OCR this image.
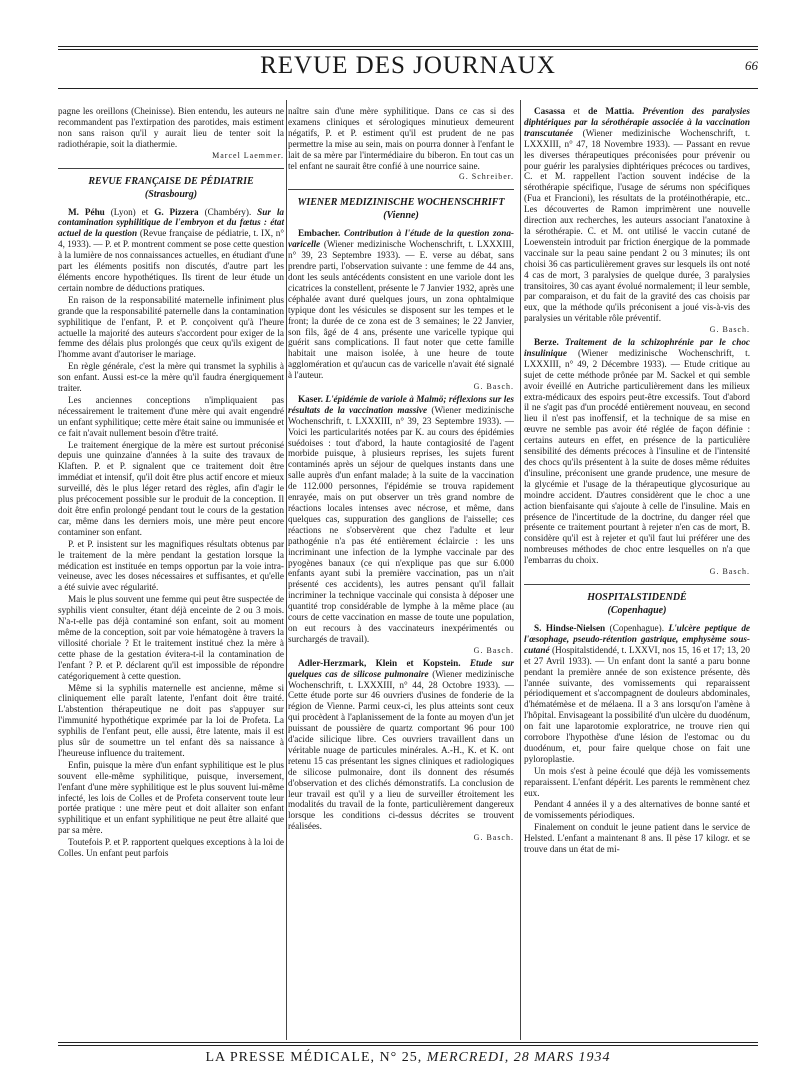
REVUE DES JOURNAUX	66

pagne les oreillons (Cheinisse). Bien entendu, les auteurs ne recommandent pas l'extirpation des parotides, mais estiment non sans raison qu'il y aurait lieu de tenter soit la radiothérapie, soit la diathermie.

Marcel Laemmer.

REVUE FRANÇAISE DE PÉDIATRIE
(Strasbourg)

M. Péhu (Lyon) et G. Pizzera (Chambéry). Sur la contamination syphilitique de l'embryon et du fœtus : état actuel de la question (Revue française de pédiatrie, t. IX, n° 4, 1933). — P. et P. montrent comment se pose cette question à la lumière de nos connaissances actuelles, en étudiant d'une part les éléments positifs non discutés, d'autre part les éléments encore hypothétiques. Ils tirent de leur étude un certain nombre de déductions pratiques.

En raison de la responsabilité maternelle infiniment plus grande que la responsabilité paternelle dans la contamination syphilitique de l'enfant, P. et P. conçoivent qu'à l'heure actuelle la majorité des auteurs s'accordent pour exiger de la femme des délais plus prolongés que ceux qu'ils exigent de l'homme avant d'autoriser le mariage.

En règle générale, c'est la mère qui transmet la syphilis à son enfant. Aussi est-ce la mère qu'il faudra énergiquement traiter.

Les anciennes conceptions n'impliquaient pas nécessairement le traitement d'une mère qui avait engendré un enfant syphilitique; cette mère était saine ou immunisée et ce fait n'avait nullement besoin d'être traité.

Le traitement énergique de la mère est surtout préconisé depuis une quinzaine d'années à la suite des travaux de Klaften. P. et P. signalent que ce traitement doit être immédiat et intensif, qu'il doit être plus actif encore et mieux surveillé, dès le plus léger retard des règles, afin d'agir le plus précocement possible sur le produit de la conception. Il doit être enfin prolongé pendant tout le cours de la gestation car, même dans les derniers mois, une mère peut encore contaminer son enfant.

P. et P. insistent sur les magnifiques résultats obtenus par le traitement de la mère pendant la gestation lorsque la médication est instituée en temps opportun par la voie intra-veineuse, avec les doses nécessaires et suffisantes, et qu'elle a été suivie avec régularité.

Mais le plus souvent une femme qui peut être suspectée de syphilis vient consulter, étant déjà enceinte de 2 ou 3 mois. N'a-t-elle pas déjà contaminé son enfant, soit au moment même de la conception, soit par voie hématogène à travers la villosité choriale ? Et le traitement institué chez la mère à cette phase de la gestation évitera-t-il la contamination de l'enfant ? P. et P. déclarent qu'il est impossible de répondre catégoriquement à cette question.

Même si la syphilis maternelle est ancienne, même si cliniquement elle paraît latente, l'enfant doit être traité. L'abstention thérapeutique ne doit pas s'appuyer sur l'immunité hypothétique exprimée par la loi de Profeta. La syphilis de l'enfant peut, elle aussi, être latente, mais il est plus sûr de soumettre un tel enfant dès sa naissance à l'heureuse influence du traitement.

Enfin, puisque la mère d'un enfant syphilitique est le plus souvent elle-même syphilitique, puisque, inversement, l'enfant d'une mère syphilitique est le plus souvent lui-même infecté, les lois de Colles et de Profeta conservent toute leur portée pratique : une mère peut et doit allaiter son enfant syphilitique et un enfant syphilitique ne peut être allaité que par sa mère.

Toutefois P. et P. rapportent quelques exceptions à la loi de Colles. Un enfant peut parfois

naître sain d'une mère syphilitique. Dans ce cas si des examens cliniques et sérologiques minutieux demeurent négatifs, P. et P. estiment qu'il est prudent de ne pas permettre la mise au sein, mais on pourra donner à l'enfant le lait de sa mère par l'intermédiaire du biberon. En tout cas un tel enfant ne saurait être confié à une nourrice saine.

G. Schreiber.

WIENER MEDIZINISCHE WOCHENSCHRIFT
(Vienne)

Embacher. Contribution à l'étude de la question zona-varicelle (Wiener medizinische Wochenschrift, t. LXXXIII, n° 39, 23 Septembre 1933). — E. verse au débat, sans prendre parti, l'observation suivante : une femme de 44 ans, dont les seuls antécédents consistent en une variole dont les cicatrices la constellent, présente le 7 Janvier 1932, après une céphalée avant duré quelques jours, un zona ophtalmique typique dont les vésicules se disposent sur les tempes et le front; la durée de ce zona est de 3 semaines; le 22 Janvier, son fils, âgé de 4 ans, présente une varicelle typique qui guérit sans complications. Il faut noter que cette famille habitait une maison isolée, à une heure de toute agglomération et qu'aucun cas de varicelle n'avait été signalé à l'auteur.

G. Basch.

Kaser. L'épidémie de variole à Malmö; réflexions sur les résultats de la vaccination massive (Wiener medizinische Wochenschrift, t. LXXXIII, n° 39, 23 Septembre 1933). — Voici les particularités notées par K. au cours des épidémies suédoises : tout d'abord, la haute contagiosité de l'agent morbide puisque, à plusieurs reprises, les sujets furent contaminés après un séjour de quelques instants dans une salle auprès d'un enfant malade; à la suite de la vaccination de 112.000 personnes, l'épidémie se trouva rapidement enrayée, mais on put observer un très grand nombre de réactions locales intenses avec nécrose, et même, dans quelques cas, suppuration des ganglions de l'aisselle; ces réactions ne s'observèrent que chez l'adulte et leur pathogénie n'a pas été entièrement éclaircie : les uns incriminant une infection de la lymphe vaccinale par des pyogènes banaux (ce qui n'explique pas que sur 6.000 enfants ayant subi la première vaccination, pas un n'ait présenté ces accidents), les autres pensant qu'il fallait incriminer la technique vaccinale qui consista à déposer une quantité trop considérable de lymphe à la même place (au cours de cette vaccination en masse de toute une population, on eut recours à des vaccinateurs inexpérimentés ou surchargés de travail).

G. Basch.

Adler-Herzmark, Klein et Kopstein. Etude sur quelques cas de silicose pulmonaire (Wiener medizinische Wochenschrift, t. LXXXIII, n° 44, 28 Octobre 1933). — Cette étude porte sur 46 ouvriers d'usines de fonderie de la région de Vienne. Parmi ceux-ci, les plus atteints sont ceux qui procèdent à l'aplanissement de la fonte au moyen d'un jet puissant de poussière de quartz comportant 96 pour 100 d'acide silicique libre. Ces ouvriers travaillent dans un véritable nuage de particules minérales. A.-H., K. et K. ont retenu 15 cas présentant les signes cliniques et radiologiques de silicose pulmonaire, dont ils donnent des résumés d'observation et des clichés démonstratifs. La conclusion de leur travail est qu'il y a lieu de surveiller étroitement les modalités du travail de la fonte, particulièrement dangereux lorsque les conditions ci-dessus décrites se trouvent réalisées.

G. Basch.

Casassa et de Mattia. Prévention des paralysies diphtériques par la sérothérapie associée à la vaccination transcutanée (Wiener medizinische Wochenschrift, t. LXXXIII, n° 47, 18 Novembre 1933). — Passant en revue les diverses thérapeutiques préconisées pour prévenir ou pour guérir les paralysies diphtériques précoces ou tardives, C. et M. rappellent l'action souvent indécise de la sérothérapie spécifique, l'usage de sérums non spécifiques (Fua et Francioni), les résultats de la protéinothérapie, etc.. Les découvertes de Ramon imprimèrent une nouvelle direction aux recherches, les auteurs associant l'anatoxine à la sérothérapie. C. et M. ont utilisé le vaccin cutané de Loewenstein introduit par friction énergique de la pommade vaccinale sur la peau saine pendant 2 ou 3 minutes; ils ont choisi 36 cas particulièrement graves sur lesquels ils ont noté 4 cas de mort, 3 paralysies de quelque durée, 3 paralysies transitoires, 30 cas ayant évolué normalement; il leur semble, par comparaison, et du fait de la gravité des cas choisis par eux, que la méthode qu'ils préconisent a joué vis-à-vis des paralysies un véritable rôle préventif.

G. Basch.

Berze. Traitement de la schizophrénie par le choc insulinique (Wiener medizinische Wochenschrift, t. LXXXIII, n° 49, 2 Décembre 1933). — Etude critique au sujet de cette méthode prônée par M. Sackel et qui semble avoir éveillé en Autriche particulièrement dans les milieux extra-médicaux des espoirs peut-être excessifs. Tout d'abord il ne s'agit pas d'un procédé entièrement nouveau, en second lieu il n'est pas inoffensif, et la technique de sa mise en œuvre ne semble pas avoir été réglée de façon définie : certains auteurs en effet, en présence de la particulière sensibilité des déments précoces à l'insuline et de l'intensité des chocs qu'ils présentent à la suite de doses même réduites d'insuline, préconisent une grande prudence, une mesure de la glycémie et l'usage de la thérapeutique glycosurique au moindre accident. D'autres considèrent que le choc a une action bienfaisante qui s'ajoute à celle de l'insuline. Mais en présence de l'incertitude de la doctrine, du danger réel que présente ce traitement pourtant à rejeter n'en cas de mort, B. considère qu'il est à rejeter et qu'il faut lui préférer une des nombreuses méthodes de choc entre lesquelles on n'a que l'embarras du choix.

G. Basch.

HOSPITALSTIDENDÉ
(Copenhague)

S. Hindse-Nielsen (Copenhague). L'ulcère peptique de l'œsophage, pseudo-rétention gastrique, emphysème sous-cutané (Hospitalstidendé, t. LXXVI, nos 15, 16 et 17; 13, 20 et 27 Avril 1933). — Un enfant dont la santé a paru bonne pendant la première année de son existence présente, dès l'année suivante, des vomissements qui reparaissent périodiquement et s'accompagnent de douleurs abdominales, d'hématémèse et de mélaena. Il a 3 ans lorsqu'on l'amène à l'hôpital. Envisageant la possibilité d'un ulcère du duodénum, on fait une laparotomie exploratrice, ne trouve rien qui corrobore l'hypothèse d'une lésion de l'estomac ou du duodénum, et, pour faire quelque chose on fait une pyloroplastie.

Un mois s'est à peine écoulé que déjà les vomissements reparaissent. L'enfant dépérit. Les parents le remmènent chez eux.

Pendant 4 années il y a des alternatives de bonne santé et de vomissements périodiques.

Finalement on conduit le jeune patient dans le service de Helsted. L'enfant a maintenant 8 ans. Il pèse 17 kilogr. et se trouve dans un état de mi-

LA PRESSE MÉDICALE, N° 25, MERCREDI, 28 MARS 1934
